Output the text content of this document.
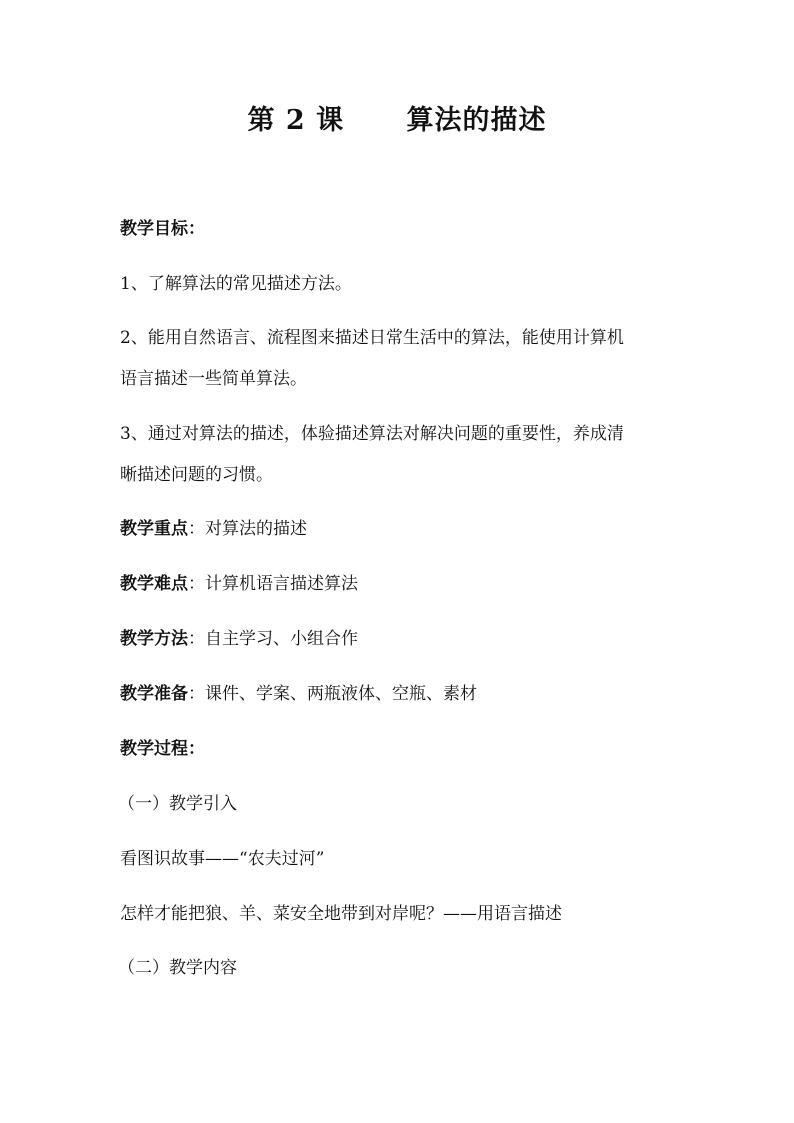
第 2 课      算法的描述
教学目标：
1、了解算法的常见描述方法。
2、能用自然语言、流程图来描述日常生活中的算法，能使用计算机
语言描述一些简单算法。
3、通过对算法的描述，体验描述算法对解决问题的重要性，养成清
晰描述问题的习惯。
教学重点：对算法的描述
教学难点：计算机语言描述算法
教学方法：自主学习、小组合作
教学准备：课件、学案、两瓶液体、空瓶、素材
教学过程：
（一）教学引入
看图识故事——“农夫过河”
怎样才能把狼、羊、菜安全地带到对岸呢？——用语言描述
（二）教学内容
